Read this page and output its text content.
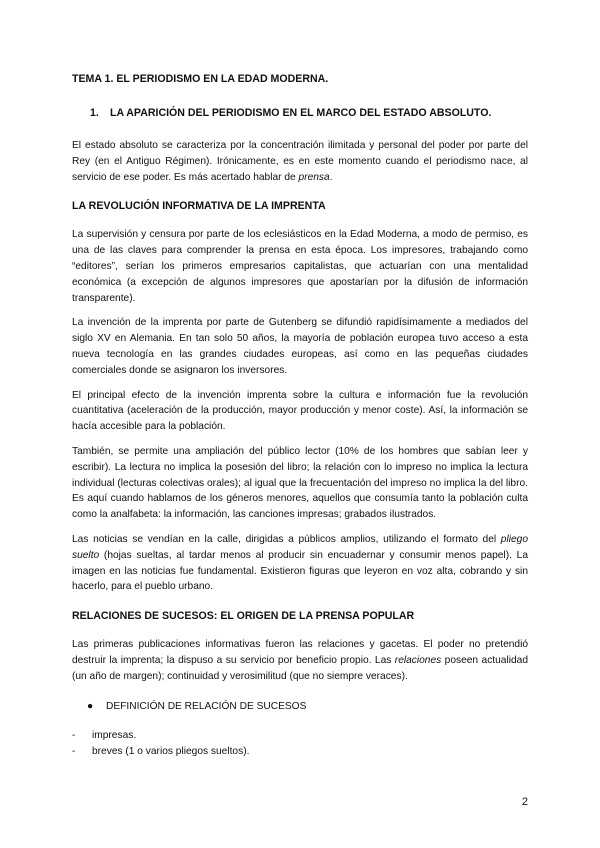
TEMA 1. EL PERIODISMO EN LA EDAD MODERNA.
1. LA APARICIÓN DEL PERIODISMO EN EL MARCO DEL ESTADO ABSOLUTO.

El estado absoluto se caracteriza por la concentración ilimitada y personal del poder por parte del Rey (en el Antiguo Régimen). Irónicamente, es en este momento cuando el periodismo nace, al servicio de ese poder. Es más acertado hablar de prensa.

LA REVOLUCIÓN INFORMATIVA DE LA IMPRENTA

La supervisión y censura por parte de los eclesiásticos en la Edad Moderna, a modo de permiso, es una de las claves para comprender la prensa en esta época. Los impresores, trabajando como “editores”, serían los primeros empresarios capitalistas, que actuarían con una mentalidad económica (a excepción de algunos impresores que apostarían por la difusión de información transparente).

La invención de la imprenta por parte de Gutenberg se difundió rapidísimamente a mediados del siglo XV en Alemania. En tan solo 50 años, la mayoría de población europea tuvo acceso a esta nueva tecnología en las grandes ciudades europeas, así como en las pequeñas ciudades comerciales donde se asignaron los inversores.

El principal efecto de la invención imprenta sobre la cultura e información fue la revolución cuantitativa (aceleración de la producción, mayor producción y menor coste). Así, la información se hacía accesible para la población.

También, se permite una ampliación del público lector (10% de los hombres que sabían leer y escribir). La lectura no implica la posesión del libro; la relación con lo impreso no implica la lectura individual (lecturas colectivas orales); al igual que la frecuentación del impreso no implica la del libro. Es aquí cuando hablamos de los géneros menores, aquellos que consumía tanto la población culta como la analfabeta: la información, las canciones impresas; grabados ilustrados.

Las noticias se vendían en la calle, dirigidas a públicos amplios, utilizando el formato del pliego suelto (hojas sueltas, al tardar menos al producir sin encuadernar y consumir menos papel). La imagen en las noticias fue fundamental. Existieron figuras que leyeron en voz alta, cobrando y sin hacerlo, para el pueblo urbano.

RELACIONES DE SUCESOS: EL ORIGEN DE LA PRENSA POPULAR

Las primeras publicaciones informativas fueron las relaciones y gacetas. El poder no pretendió destruir la imprenta; la dispuso a su servicio por beneficio propio. Las relaciones poseen actualidad (un año de margen); continuidad y verosimilitud (que no siempre veraces).

● DEFINICIÓN DE RELACIÓN DE SUCESOS
- impresas.
- breves (1 o varios pliegos sueltos).
2
